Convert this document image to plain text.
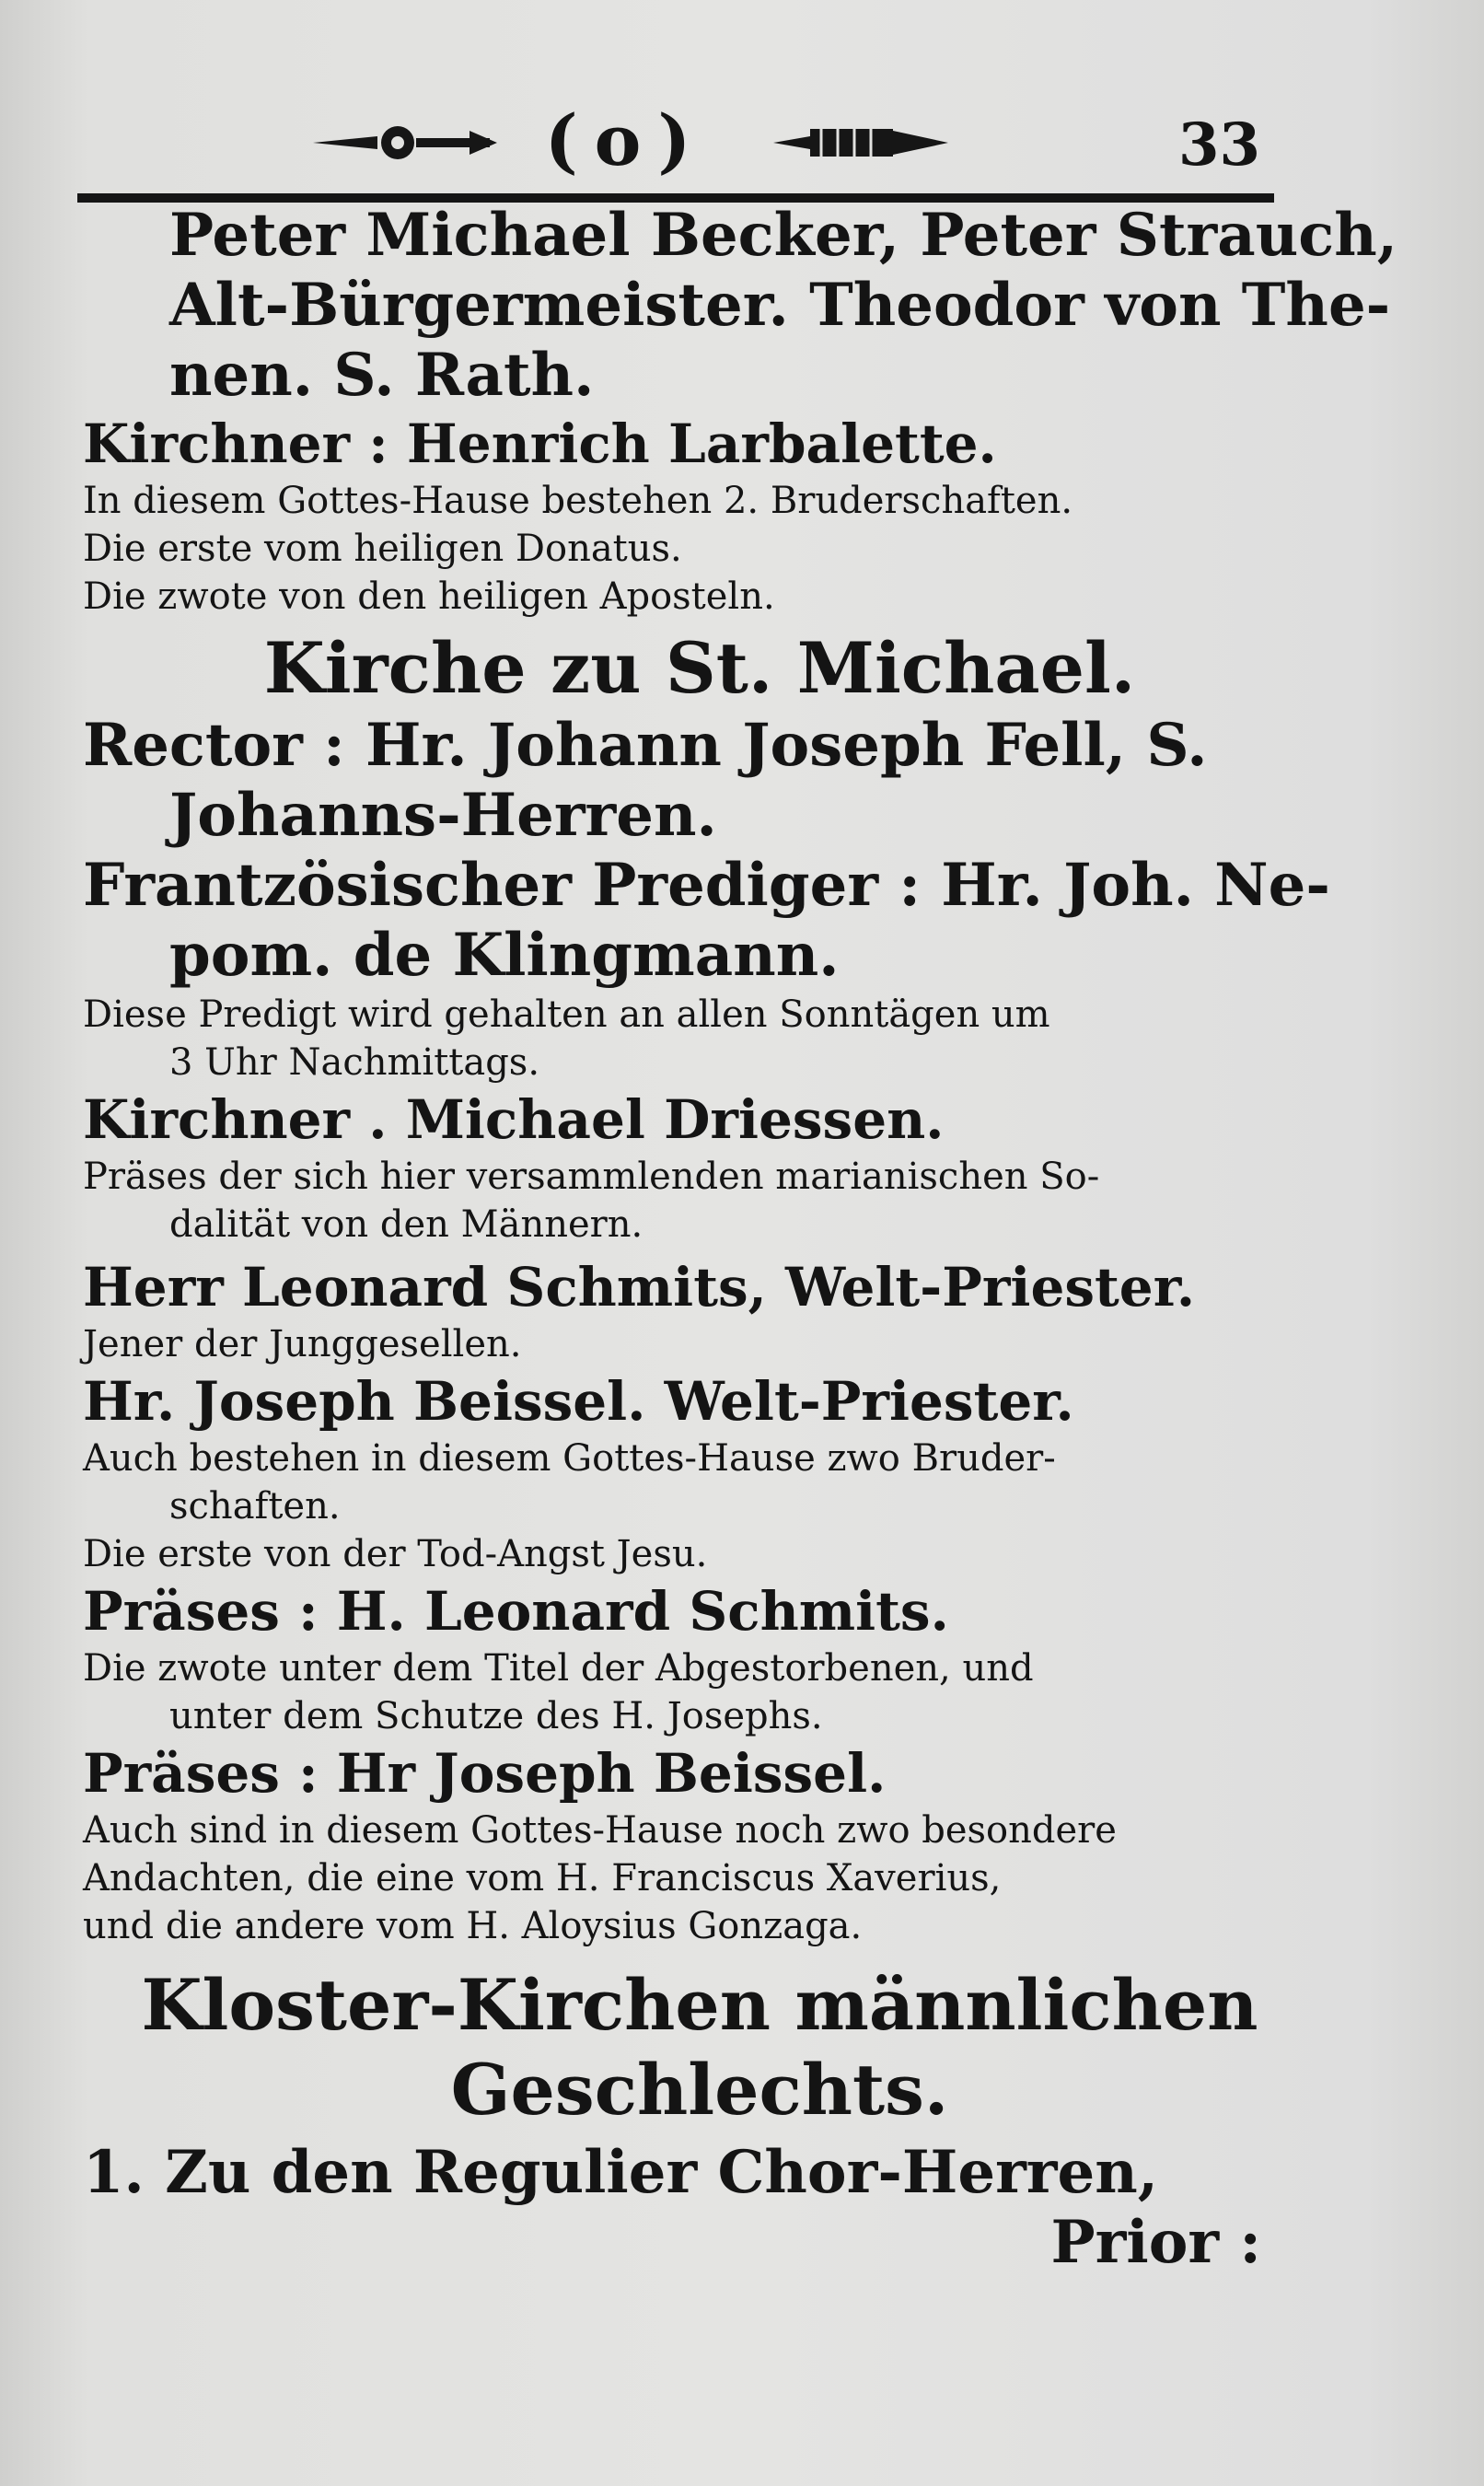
(o)	33
Peter Michael Becker, Peter Strauch,
Alt-Bürgermeister. Theodor von The-
nen. S. Rath.
Kirchner : Henrich Larbalette.
In diesem Gottes-Hause bestehen 2. Bruderschaften.
Die erste vom heiligen Donatus.
Die zwote von den heiligen Aposteln.
Kirche zu St. Michael.
Rector : Hr. Johann Joseph Fell, S.
Johanns-Herren.
Frantzösischer Prediger : Hr. Joh. Ne-
pom. de Klingmann.
Diese Predigt wird gehalten an allen Sonntägen um
3 Uhr Nachmittags.
Kirchner . Michael Driessen.
Präses der sich hier versammlenden marianischen So-
dalität von den Männern.
Herr Leonard Schmits, Welt-Priester.
Jener der Junggesellen.
Hr. Joseph Beissel. Welt-Priester.
Auch bestehen in diesem Gottes-Hause zwo Bruder-
schaften.
Die erste von der Tod-Angst Jesu.
Präses : H. Leonard Schmits.
Die zwote unter dem Titel der Abgestorbenen, und
unter dem Schutze des H. Josephs.
Präses : Hr Joseph Beissel.
Auch sind in diesem Gottes-Hause noch zwo besondere
Andachten, die eine vom H. Franciscus Xaverius,
und die andere vom H. Aloysius Gonzaga.
Kloster-Kirchen männlichen
Geschlechts.
1. Zu den Regulier Chor-Herren,
Prior :
